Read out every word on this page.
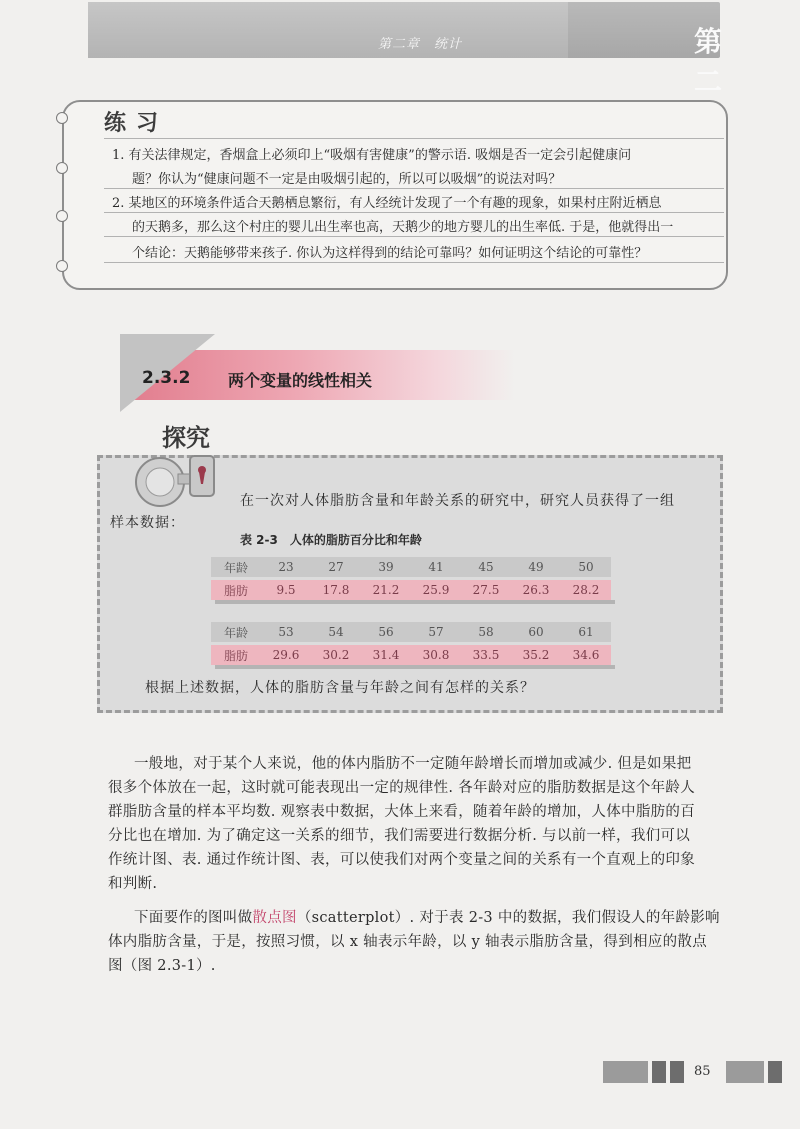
第二章　统计	第二
练习
1. 有关法律规定，香烟盒上必须印上“吸烟有害健康”的警示语. 吸烟是否一定会引起健康问
题？你认为“健康问题不一定是由吸烟引起的，所以可以吸烟”的说法对吗？
2. 某地区的环境条件适合天鹅栖息繁衍，有人经统计发现了一个有趣的现象，如果村庄附近栖息
的天鹅多，那么这个村庄的婴儿出生率也高，天鹅少的地方婴儿的出生率低. 于是，他就得出一
个结论：天鹅能够带来孩子. 你认为这样得到的结论可靠吗？如何证明这个结论的可靠性？
2.3.2 两个变量的线性相关
探究
在一次对人体脂肪含量和年龄关系的研究中，研究人员获得了一组
样本数据：
表 2-3　人体的脂肪百分比和年龄
年龄	23	27	39	41	45	49	50
脂肪	9.5	17.8	21.2	25.9	27.5	26.3	28.2
年龄	53	54	56	57	58	60	61
脂肪	29.6	30.2	31.4	30.8	33.5	35.2	34.6
根据上述数据，人体的脂肪含量与年龄之间有怎样的关系？
一般地，对于某个人来说，他的体内脂肪不一定随年龄增长而增加或减少. 但是如果把
很多个体放在一起，这时就可能表现出一定的规律性. 各年龄对应的脂肪数据是这个年龄人
群脂肪含量的样本平均数. 观察表中数据，大体上来看，随着年龄的增加，人体中脂肪的百
分比也在增加. 为了确定这一关系的细节，我们需要进行数据分析. 与以前一样，我们可以
作统计图、表. 通过作统计图、表，可以使我们对两个变量之间的关系有一个直观上的印象
和判断.
下面要作的图叫做散点图（scatterplot）. 对于表 2-3 中的数据，我们假设人的年龄影响
体内脂肪含量，于是，按照习惯，以 x 轴表示年龄，以 y 轴表示脂肪含量，得到相应的散点
图（图 2.3-1）.
85
